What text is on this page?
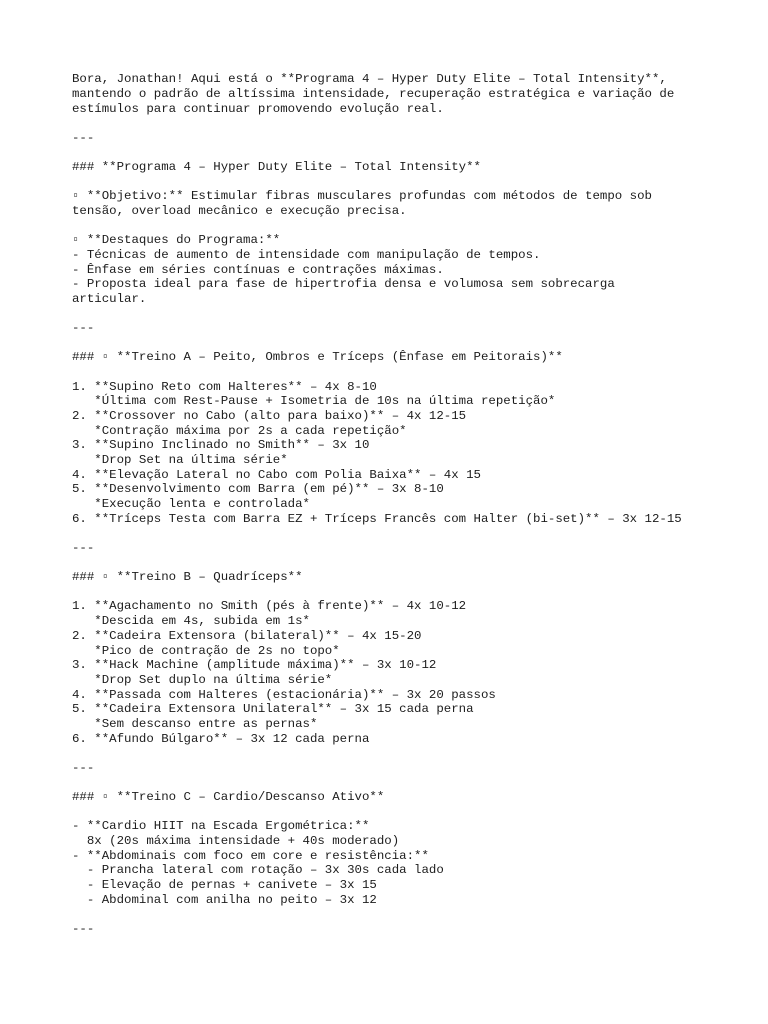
Bora, Jonathan! Aqui está o **Programa 4 – Hyper Duty Elite – Total Intensity**,

mantendo o padrão de altíssima intensidade, recuperação estratégica e variação de

estímulos para continuar promovendo evolução real.

---

### **Programa 4 – Hyper Duty Elite – Total Intensity**

▫ **Objetivo:** Estimular fibras musculares profundas com métodos de tempo sob

tensão, overload mecânico e execução precisa.

▫ **Destaques do Programa:**

- Técnicas de aumento de intensidade com manipulação de tempos.

- Ênfase em séries contínuas e contrações máximas.

- Proposta ideal para fase de hipertrofia densa e volumosa sem sobrecarga

articular.

---

### ▫ **Treino A – Peito, Ombros e Tríceps (Ênfase em Peitorais)**

1. **Supino Reto com Halteres** – 4x 8-10

*Última com Rest-Pause + Isometria de 10s na última repetição*

2. **Crossover no Cabo (alto para baixo)** – 4x 12-15

*Contração máxima por 2s a cada repetição*

3. **Supino Inclinado no Smith** – 3x 10

*Drop Set na última série*

4. **Elevação Lateral no Cabo com Polia Baixa** – 4x 15

5. **Desenvolvimento com Barra (em pé)** – 3x 8-10

*Execução lenta e controlada*

6. **Tríceps Testa com Barra EZ + Tríceps Francês com Halter (bi-set)** – 3x 12-15

---

### ▫ **Treino B – Quadríceps**

1. **Agachamento no Smith (pés à frente)** – 4x 10-12

*Descida em 4s, subida em 1s*

2. **Cadeira Extensora (bilateral)** – 4x 15-20

*Pico de contração de 2s no topo*

3. **Hack Machine (amplitude máxima)** – 3x 10-12

*Drop Set duplo na última série*

4. **Passada com Halteres (estacionária)** – 3x 20 passos

5. **Cadeira Extensora Unilateral** – 3x 15 cada perna

*Sem descanso entre as pernas*

6. **Afundo Búlgaro** – 3x 12 cada perna

---

### ▫ **Treino C – Cardio/Descanso Ativo**

- **Cardio HIIT na Escada Ergométrica:**

8x (20s máxima intensidade + 40s moderado)

- **Abdominais com foco em core e resistência:**

- Prancha lateral com rotação – 3x 30s cada lado

- Elevação de pernas + canivete – 3x 15

- Abdominal com anilha no peito – 3x 12

---
